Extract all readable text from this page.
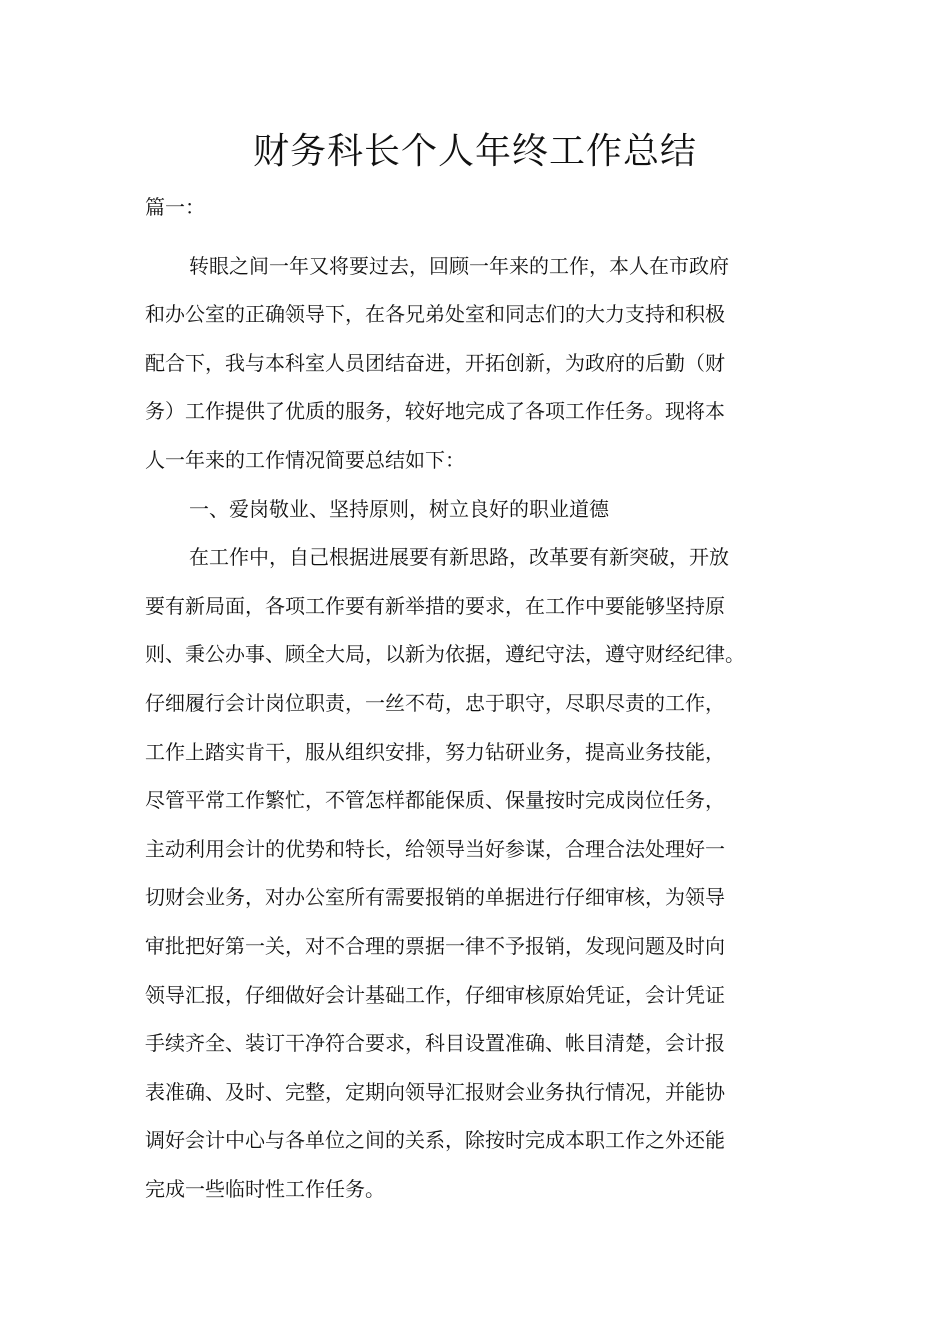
财务科长个人年终工作总结

篇一：

转眼之间一年又将要过去，回顾一年来的工作，本人在市政府

和办公室的正确领导下，在各兄弟处室和同志们的大力支持和积极

配合下，我与本科室人员团结奋进，开拓创新，为政府的后勤（财

务）工作提供了优质的服务，较好地完成了各项工作任务。现将本

人一年来的工作情况简要总结如下：

一、爱岗敬业、坚持原则，树立良好的职业道德

在工作中，自己根据进展要有新思路，改革要有新突破，开放

要有新局面，各项工作要有新举措的要求，在工作中要能够坚持原

则、秉公办事、顾全大局，以新为依据，遵纪守法，遵守财经纪律。

仔细履行会计岗位职责，一丝不苟，忠于职守，尽职尽责的工作，

工作上踏实肯干，服从组织安排，努力钻研业务，提高业务技能，

尽管平常工作繁忙，不管怎样都能保质、保量按时完成岗位任务，

主动利用会计的优势和特长，给领导当好参谋，合理合法处理好一

切财会业务，对办公室所有需要报销的单据进行仔细审核，为领导

审批把好第一关，对不合理的票据一律不予报销，发现问题及时向

领导汇报，仔细做好会计基础工作，仔细审核原始凭证，会计凭证

手续齐全、装订干净符合要求，科目设置准确、帐目清楚，会计报

表准确、及时、完整，定期向领导汇报财会业务执行情况，并能协

调好会计中心与各单位之间的关系，除按时完成本职工作之外还能

完成一些临时性工作任务。
